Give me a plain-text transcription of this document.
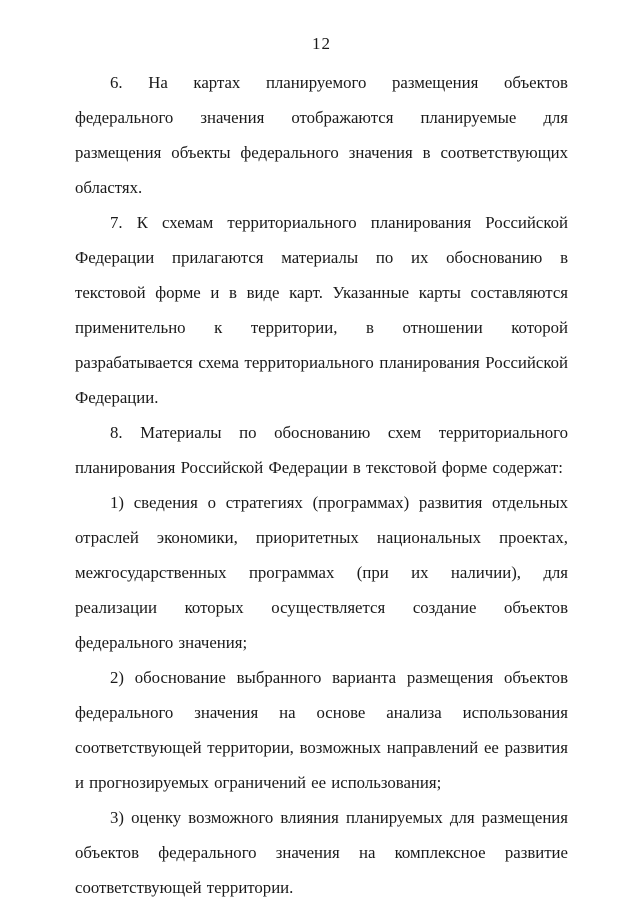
12

6. На картах планируемого размещения объектов федерального значения отображаются планируемые для размещения объекты федерального значения в соответствующих областях.

7. К схемам территориального планирования Российской Федерации прилагаются материалы по их обоснованию в текстовой форме и в виде карт. Указанные карты составляются применительно к территории, в отношении которой разрабатывается схема территориального планирования Российской Федерации.

8. Материалы по обоснованию схем территориального планирования Российской Федерации в текстовой форме содержат:

1) сведения о стратегиях (программах) развития отдельных отраслей экономики, приоритетных национальных проектах, межгосударственных программах (при их наличии), для реализации которых осуществляется создание объектов федерального значения;

2) обоснование выбранного варианта размещения объектов федерального значения на основе анализа использования соответствующей территории, возможных направлений ее развития и прогнозируемых ограничений ее использования;

3) оценку возможного влияния планируемых для размещения объектов федерального значения на комплексное развитие соответствующей территории.
